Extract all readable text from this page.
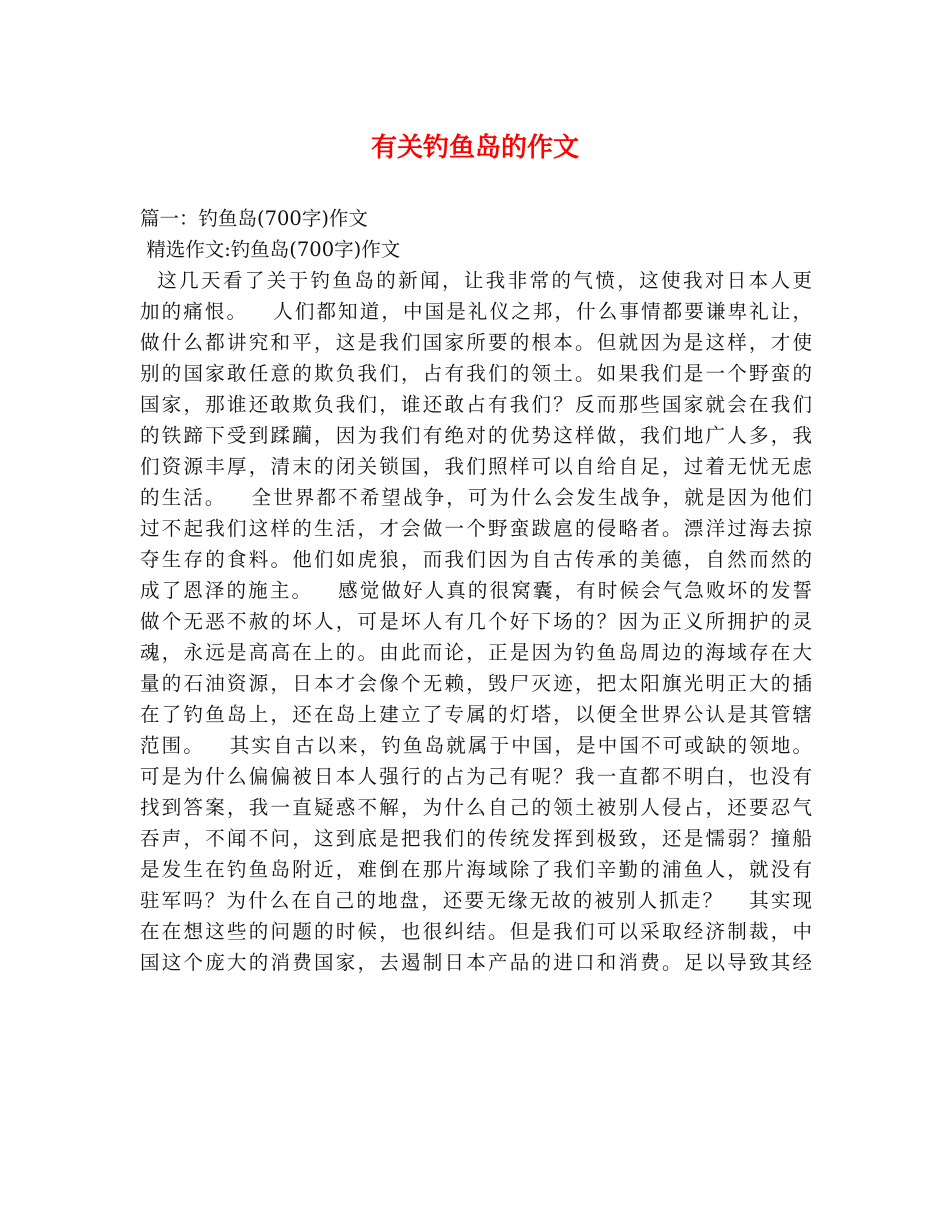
有关钓鱼岛的作文
篇一：钓鱼岛(700字)作文
精选作文:钓鱼岛(700字)作文
这几天看了关于钓鱼岛的新闻，让我非常的气愤，这使我对日本人更
加的痛恨。   人们都知道，中国是礼仪之邦，什么事情都要谦卑礼让，
做什么都讲究和平，这是我们国家所要的根本。但就因为是这样，才使
别的国家敢任意的欺负我们，占有我们的领土。如果我们是一个野蛮的
国家，那谁还敢欺负我们，谁还敢占有我们？反而那些国家就会在我们
的铁蹄下受到蹂躏，因为我们有绝对的优势这样做，我们地广人多，我
们资源丰厚，清末的闭关锁国，我们照样可以自给自足，过着无忧无虑
的生活。   全世界都不希望战争，可为什么会发生战争，就是因为他们
过不起我们这样的生活，才会做一个野蛮跋扈的侵略者。漂洋过海去掠
夺生存的食料。他们如虎狼，而我们因为自古传承的美德，自然而然的
成了恩泽的施主。   感觉做好人真的很窝囊，有时候会气急败坏的发誓
做个无恶不赦的坏人，可是坏人有几个好下场的？因为正义所拥护的灵
魂，永远是高高在上的。由此而论，正是因为钓鱼岛周边的海域存在大
量的石油资源，日本才会像个无赖，毁尸灭迹，把太阳旗光明正大的插
在了钓鱼岛上，还在岛上建立了专属的灯塔，以便全世界公认是其管辖
范围。   其实自古以来，钓鱼岛就属于中国，是中国不可或缺的领地。
可是为什么偏偏被日本人强行的占为己有呢？我一直都不明白，也没有
找到答案，我一直疑惑不解，为什么自己的领土被别人侵占，还要忍气
吞声，不闻不问，这到底是把我们的传统发挥到极致，还是懦弱？撞船
是发生在钓鱼岛附近，难倒在那片海域除了我们辛勤的浦鱼人，就没有
驻军吗？为什么在自己的地盘，还要无缘无故的被别人抓走？   其实现
在在想这些的问题的时候，也很纠结。但是我们可以采取经济制裁，中
国这个庞大的消费国家，去遏制日本产品的进口和消费。足以导致其经
